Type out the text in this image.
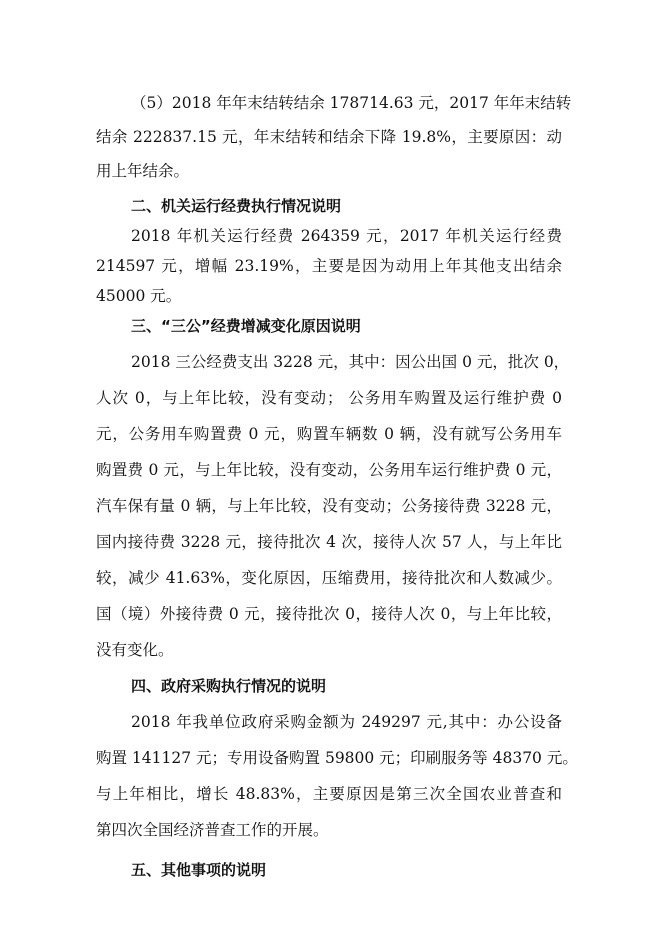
（5）2018 年年末结转结余 178714.63 元，2017 年年末结转

结余 222837.15 元，年末结转和结余下降 19.8%，主要原因：动

用上年结余。

二、机关运行经费执行情况说明

2018 年机关运行经费 264359 元，2017 年机关运行经费

214597 元，增幅 23.19%，主要是因为动用上年其他支出结余

45000 元。

三、“三公”经费增减变化原因说明

2018 三公经费支出 3228 元，其中：因公出国 0 元，批次 0，

人次 0，与上年比较，没有变动； 公务用车购置及运行维护费 0

元，公务用车购置费 0 元，购置车辆数 0 辆，没有就写公务用车

购置费 0 元，与上年比较，没有变动，公务用车运行维护费 0 元，

汽车保有量 0 辆，与上年比较，没有变动；公务接待费 3228 元，

国内接待费 3228 元，接待批次 4 次，接待人次 57 人，与上年比

较，减少 41.63%，变化原因，压缩费用，接待批次和人数减少。

国（境）外接待费 0 元，接待批次 0，接待人次 0，与上年比较，

没有变化。

四、政府采购执行情况的说明

2018 年我单位政府采购金额为 249297 元,其中：办公设备

购置 141127 元；专用设备购置 59800 元；印刷服务等 48370 元。

与上年相比，增长 48.83%，主要原因是第三次全国农业普查和

第四次全国经济普查工作的开展。

五、其他事项的说明
